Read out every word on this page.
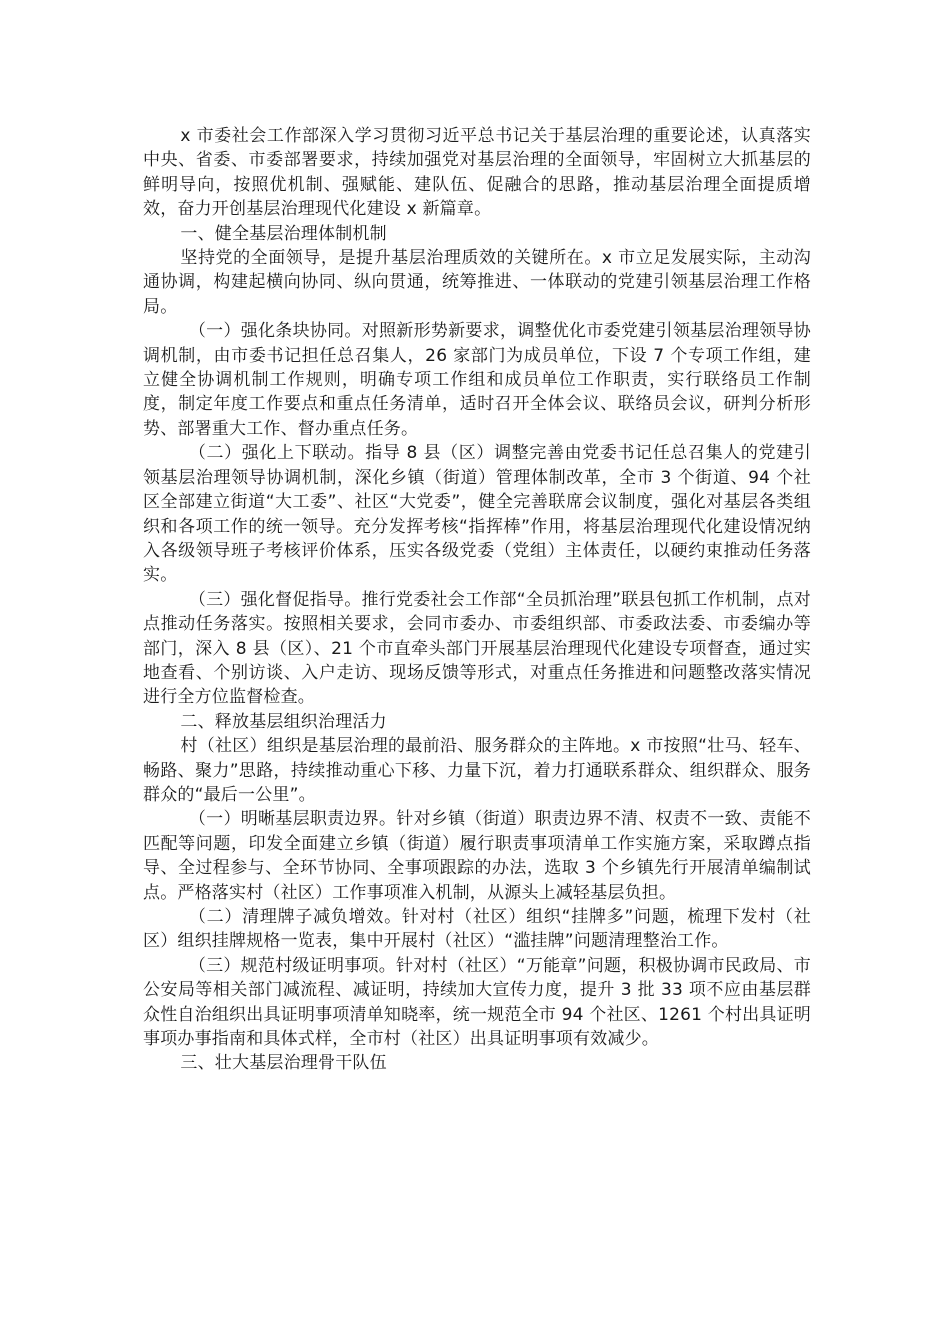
x 市委社会工作部深入学习贯彻习近平总书记关于基层治理的重要论述，认真落实中央、省委、市委部署要求，持续加强党对基层治理的全面领导，牢固树立大抓基层的鲜明导向，按照优机制、强赋能、建队伍、促融合的思路，推动基层治理全面提质增效，奋力开创基层治理现代化建设 x 新篇章。

一、健全基层治理体制机制

坚持党的全面领导，是提升基层治理质效的关键所在。x 市立足发展实际，主动沟通协调，构建起横向协同、纵向贯通，统筹推进、一体联动的党建引领基层治理工作格局。

（一）强化条块协同。对照新形势新要求，调整优化市委党建引领基层治理领导协调机制，由市委书记担任总召集人，26 家部门为成员单位，下设 7 个专项工作组，建立健全协调机制工作规则，明确专项工作组和成员单位工作职责，实行联络员工作制度，制定年度工作要点和重点任务清单，适时召开全体会议、联络员会议，研判分析形势、部署重大工作、督办重点任务。

（二）强化上下联动。指导 8 县（区）调整完善由党委书记任总召集人的党建引领基层治理领导协调机制，深化乡镇（街道）管理体制改革，全市 3 个街道、94 个社区全部建立街道“大工委”、社区“大党委”，健全完善联席会议制度，强化对基层各类组织和各项工作的统一领导。充分发挥考核“指挥棒”作用，将基层治理现代化建设情况纳入各级领导班子考核评价体系，压实各级党委（党组）主体责任，以硬约束推动任务落实。

（三）强化督促指导。推行党委社会工作部“全员抓治理”联县包抓工作机制，点对点推动任务落实。按照相关要求，会同市委办、市委组织部、市委政法委、市委编办等部门，深入 8 县（区）、21 个市直牵头部门开展基层治理现代化建设专项督查，通过实地查看、个别访谈、入户走访、现场反馈等形式，对重点任务推进和问题整改落实情况进行全方位监督检查。

二、释放基层组织治理活力

村（社区）组织是基层治理的最前沿、服务群众的主阵地。x 市按照“壮马、轻车、畅路、聚力”思路，持续推动重心下移、力量下沉，着力打通联系群众、组织群众、服务群众的“最后一公里”。

（一）明晰基层职责边界。针对乡镇（街道）职责边界不清、权责不一致、责能不匹配等问题，印发全面建立乡镇（街道）履行职责事项清单工作实施方案，采取蹲点指导、全过程参与、全环节协同、全事项跟踪的办法，选取 3 个乡镇先行开展清单编制试点。严格落实村（社区）工作事项准入机制，从源头上减轻基层负担。

（二）清理牌子减负增效。针对村（社区）组织“挂牌多”问题，梳理下发村（社区）组织挂牌规格一览表，集中开展村（社区）“滥挂牌”问题清理整治工作。

（三）规范村级证明事项。针对村（社区）“万能章”问题，积极协调市民政局、市公安局等相关部门减流程、减证明，持续加大宣传力度，提升 3 批 33 项不应由基层群众性自治组织出具证明事项清单知晓率，统一规范全市 94 个社区、1261 个村出具证明事项办事指南和具体式样，全市村（社区）出具证明事项有效减少。

三、壮大基层治理骨干队伍
